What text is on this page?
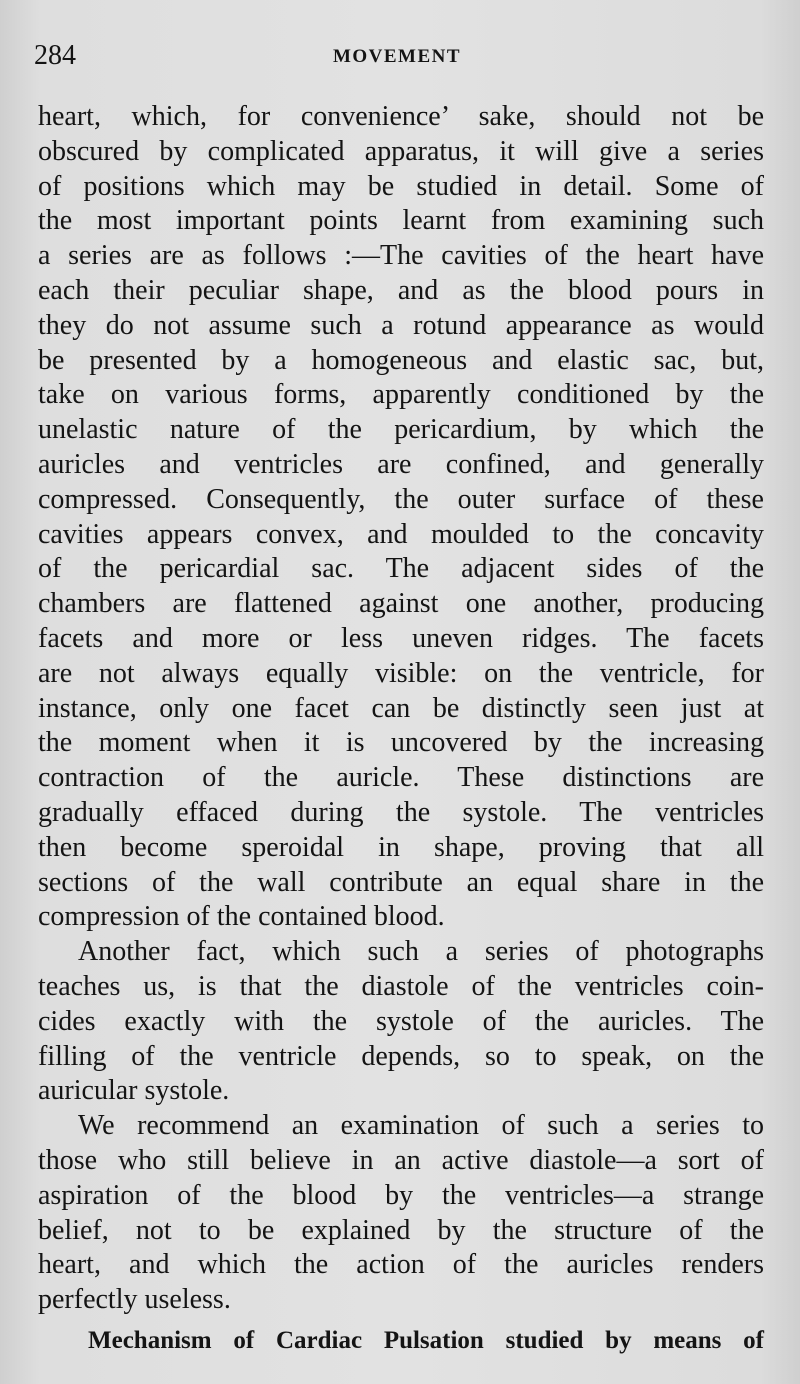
284	MOVEMENT
heart, which, for convenience’ sake, should not be
obscured by complicated apparatus, it will give a series
of positions which may be studied in detail. Some of
the most important points learnt from examining such
a series are as follows :—The cavities of the heart have
each their peculiar shape, and as the blood pours in
they do not assume such a rotund appearance as would
be presented by a homogeneous and elastic sac, but,
take on various forms, apparently conditioned by the
unelastic nature of the pericardium, by which the
auricles and ventricles are confined, and generally
compressed. Consequently, the outer surface of these
cavities appears convex, and moulded to the concavity
of the pericardial sac. The adjacent sides of the
chambers are flattened against one another, producing
facets and more or less uneven ridges. The facets
are not always equally visible: on the ventricle, for
instance, only one facet can be distinctly seen just at
the moment when it is uncovered by the increasing
contraction of the auricle. These distinctions are
gradually effaced during the systole. The ventricles
then become speroidal in shape, proving that all
sections of the wall contribute an equal share in the
compression of the contained blood.
Another fact, which such a series of photographs
teaches us, is that the diastole of the ventricles coin-
cides exactly with the systole of the auricles. The
filling of the ventricle depends, so to speak, on the
auricular systole.
We recommend an examination of such a series to
those who still believe in an active diastole—a sort of
aspiration of the blood by the ventricles—a strange
belief, not to be explained by the structure of the
heart, and which the action of the auricles renders
perfectly useless.
Mechanism of Cardiac Pulsation studied by means of
